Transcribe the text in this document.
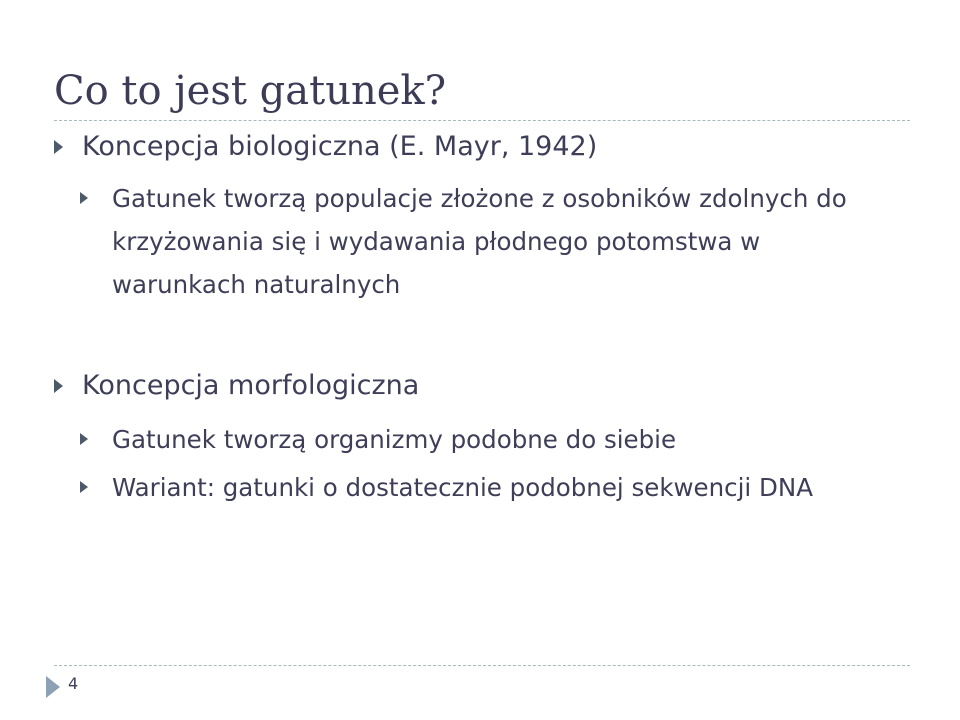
Co to jest gatunek?
Koncepcja biologiczna (E. Mayr, 1942)
Gatunek tworzą populacje złożone z osobników zdolnych do krzyżowania się i wydawania płodnego potomstwa w warunkach naturalnych
Koncepcja morfologiczna
Gatunek tworzą organizmy podobne do siebie
Wariant: gatunki o dostatecznie podobnej sekwencji DNA
4
